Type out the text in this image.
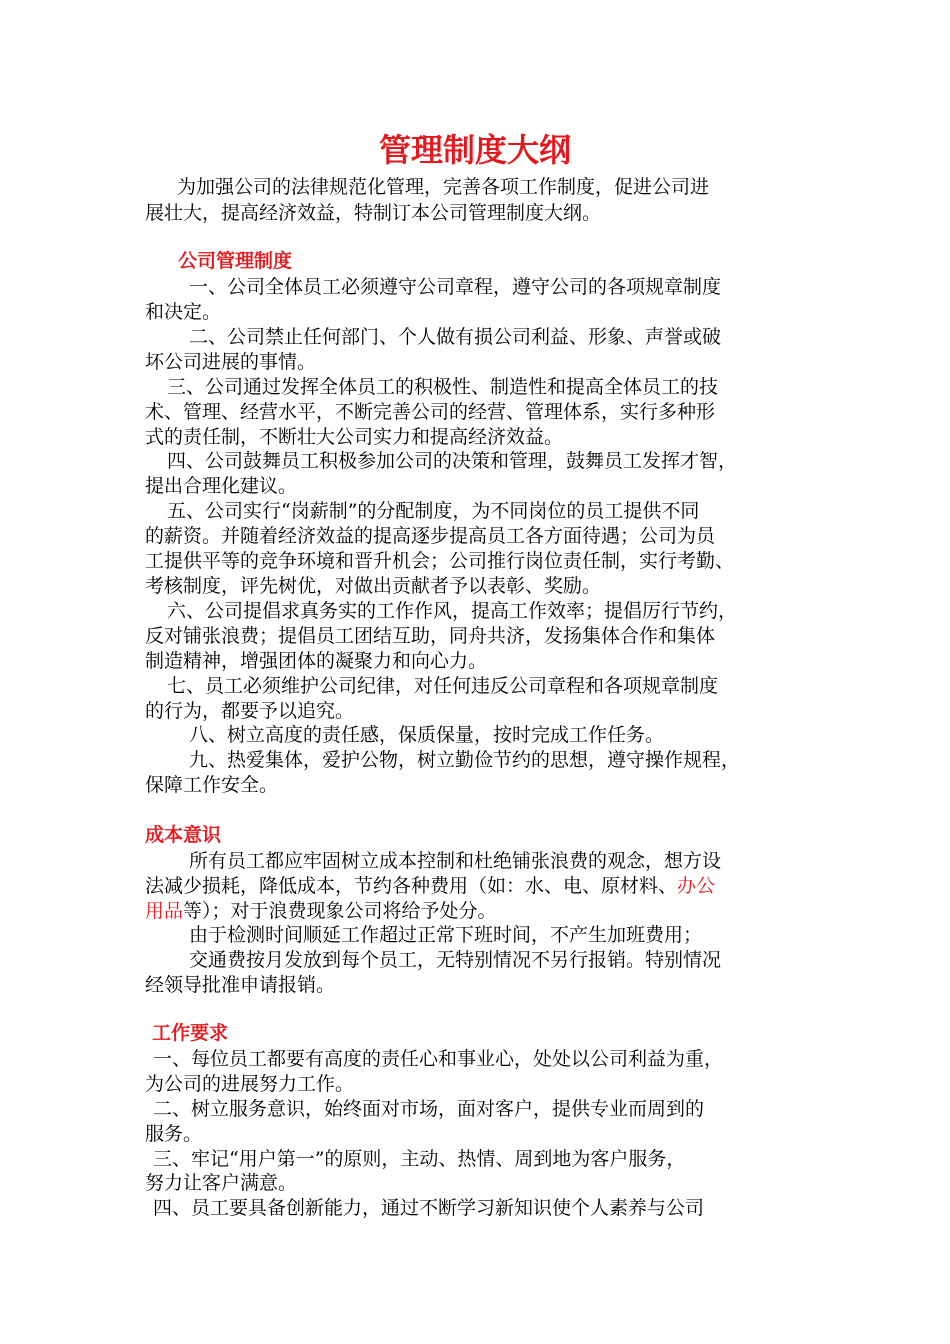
管理制度大纲

为加强公司的法律规范化管理，完善各项工作制度，促进公司进

展壮大，提高经济效益，特制订本公司管理制度大纲。

公司管理制度

一、公司全体员工必须遵守公司章程，遵守公司的各项规章制度

和决定。

二、公司禁止任何部门、个人做有损公司利益、形象、声誉或破

坏公司进展的事情。

三、公司通过发挥全体员工的积极性、制造性和提高全体员工的技

术、管理、经营水平，不断完善公司的经营、管理体系，实行多种形

式的责任制，不断壮大公司实力和提高经济效益。

四、公司鼓舞员工积极参加公司的决策和管理，鼓舞员工发挥才智，

提出合理化建议。

五、公司实行“岗薪制”的分配制度，为不同岗位的员工提供不同

的薪资。并随着经济效益的提高逐步提高员工各方面待遇；公司为员

工提供平等的竞争环境和晋升机会；公司推行岗位责任制，实行考勤、

考核制度，评先树优，对做出贡献者予以表彰、奖励。

六、公司提倡求真务实的工作作风，提高工作效率；提倡厉行节约，

反对铺张浪费；提倡员工团结互助，同舟共济，发扬集体合作和集体

制造精神，增强团体的凝聚力和向心力。

七、员工必须维护公司纪律，对任何违反公司章程和各项规章制度

的行为，都要予以追究。

八、树立高度的责任感，保质保量，按时完成工作任务。

九、热爱集体，爱护公物，树立勤俭节约的思想，遵守操作规程，

保障工作安全。

成本意识

所有员工都应牢固树立成本控制和杜绝铺张浪费的观念，想方设

法减少损耗，降低成本，节约各种费用（如：水、电、原材料、办公

用品等）；对于浪费现象公司将给予处分。

由于检测时间顺延工作超过正常下班时间，不产生加班费用；

交通费按月发放到每个员工，无特别情况不另行报销。特别情况

经领导批准申请报销。

工作要求

一、每位员工都要有高度的责任心和事业心，处处以公司利益为重，

为公司的进展努力工作。

二、树立服务意识，始终面对市场，面对客户，提供专业而周到的

服务。

三、牢记“用户第一”的原则，主动、热情、周到地为客户服务，

努力让客户满意。

四、员工要具备创新能力，通过不断学习新知识使个人素养与公司
